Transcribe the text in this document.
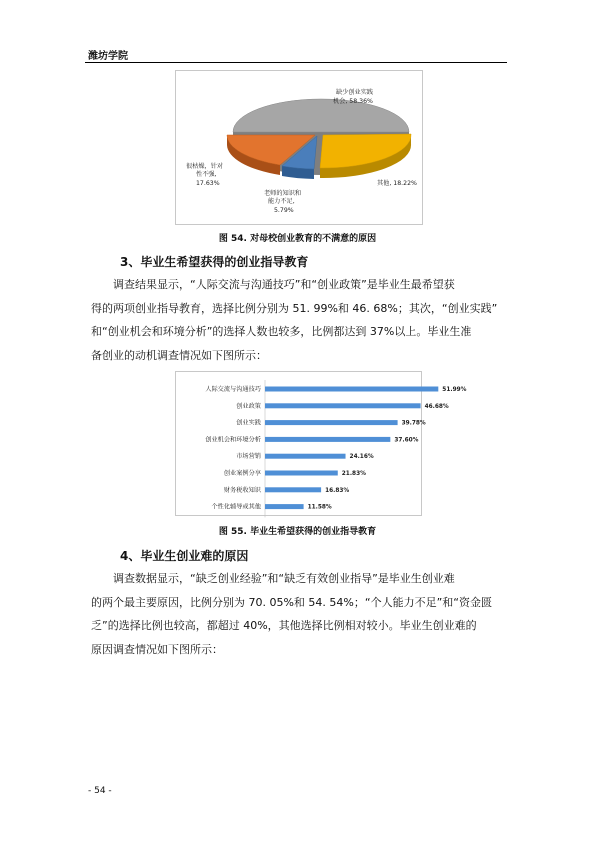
潍坊学院
缺少创业实践
机会, 58.36%
其他, 18.22%
老师的知识和
能力不足,
5.79%
很枯燥，针对
性不强,
17.63%
图 54. 对母校创业教育的不满意的原因
3、毕业生希望获得的创业指导教育
调查结果显示，“人际交流与沟通技巧”和“创业政策”是毕业生最希望获
得的两项创业指导教育，选择比例分别为 51. 99%和 46. 68%；其次，“创业实践”
和“创业机会和环境分析”的选择人数也较多，比例都达到 37%以上。毕业生准
备创业的动机调查情况如下图所示：
人际交流与沟通技巧	51.99%
创业政策	46.68%
创业实践	39.78%
创业机会和环境分析	37.60%
市场营销	24.16%
创业案例分享	21.83%
财务税收知识	16.83%
个性化辅导或其他	11.58%
图 55. 毕业生希望获得的创业指导教育
4、毕业生创业难的原因
调查数据显示，“缺乏创业经验”和“缺乏有效创业指导”是毕业生创业难
的两个最主要原因，比例分别为 70. 05%和 54. 54%；“个人能力不足”和“资金匮
乏”的选择比例也较高，都超过 40%，其他选择比例相对较小。毕业生创业难的
原因调查情况如下图所示：
- 54 -
